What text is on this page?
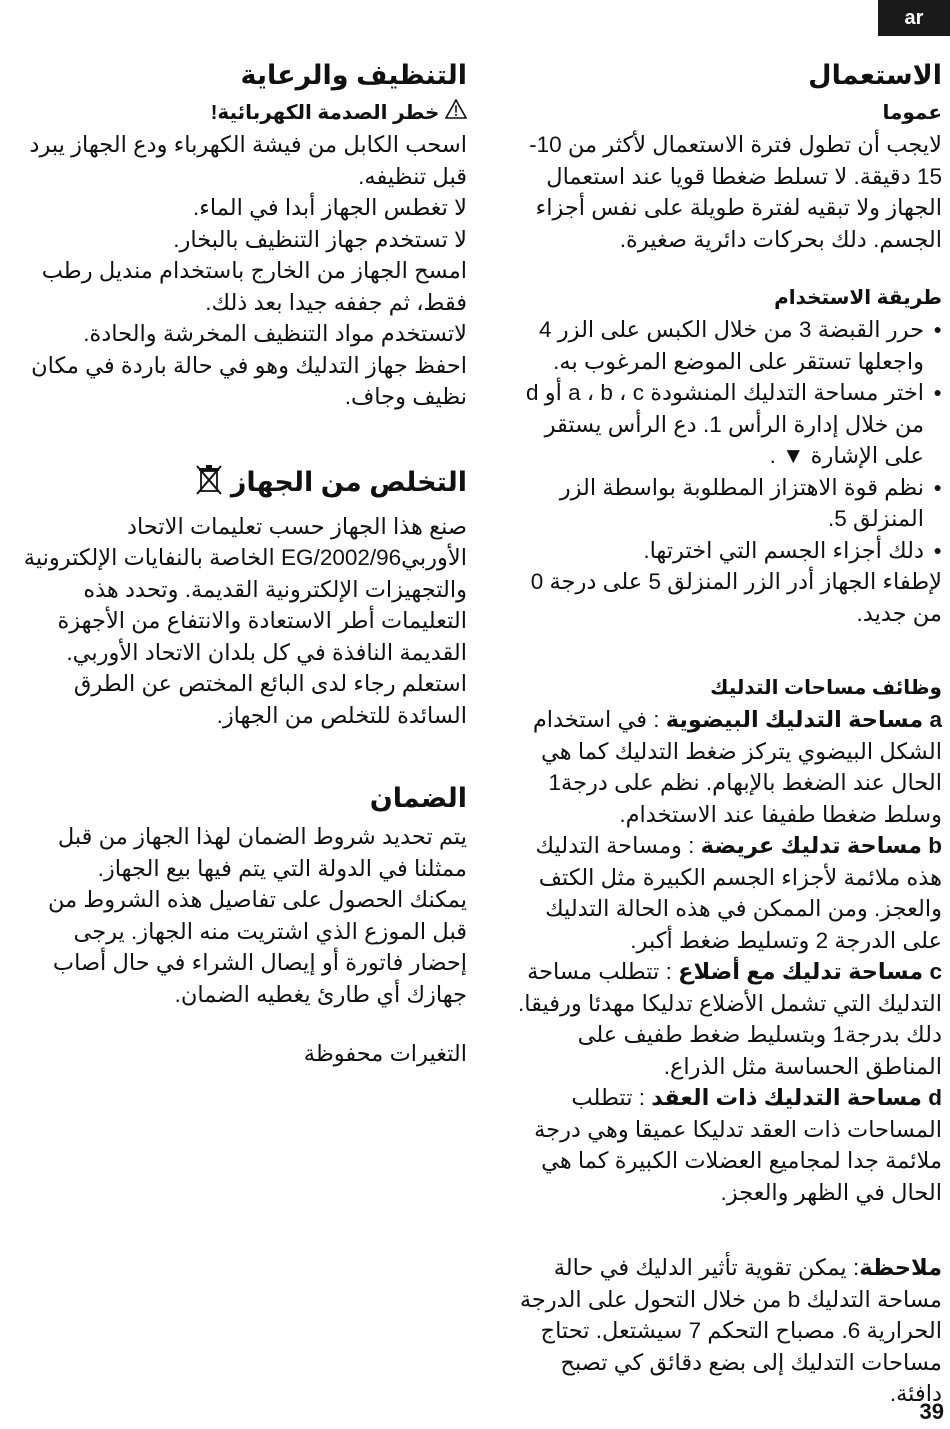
ar
الاستعمال
عموما

لايجب أن تطول فترة الاستعمال لأكثر من 10-15 دقيقة. لا تسلط ضغطا قويا عند استعمال الجهاز ولا تبقيه لفترة طويلة على نفس أجزاء الجسم. دلك بحركات دائرية صغيرة.

طريقة الاستخدام
● حرر القبضة 3 من خلال الكبس على الزر 4 واجعلها تستقر على الموضع المرغوب به.
● اختر مساحة التدليك المنشودة a ، b ، c أو d من خلال إدارة الرأس 1. دع الرأس يستقر على الإشارة ▼ .
● نظم قوة الاهتزاز المطلوبة بواسطة الزر المنزلق 5.
● دلك أجزاء الجسم التي اخترتها.

لإطفاء الجهاز أدر الزر المنزلق 5 على درجة 0 من جديد.

وظائف مساحات التدليك

a مساحة التدليك البيضوية : في استخدام الشكل البيضوي يتركز ضغط التدليك كما هي الحال عند الضغط بالإبهام. نظم على درجة1 وسلط ضغطا طفيفا عند الاستخدام.

b مساحة تدليك عريضة : ومساحة التدليك هذه ملائمة لأجزاء الجسم الكبيرة مثل الكتف والعجز. ومن الممكن في هذه الحالة التدليك على الدرجة 2 وتسليط ضغط أكبر.

c مساحة تدليك مع أضلاع : تتطلب مساحة التدليك التي تشمل الأضلاع تدليكا مهدئا ورفيقا. دلك بدرجة1 وبتسليط ضغط طفيف على المناطق الحساسة مثل الذراع.

d مساحة التدليك ذات العقد : تتطلب المساحات ذات العقد تدليكا عميقا وهي درجة ملائمة جدا لمجاميع العضلات الكبيرة كما هي الحال في الظهر والعجز.

ملاحظة: يمكن تقوية تأثير الدليك في حالة مساحة التدليك b من خلال التحول على الدرجة الحرارية 6. مصباح التحكم 7 سيشتعل. تحتاج مساحات التدليك إلى بضع دقائق كي تصبح دافئة.

التنظيف والرعاية
خطر الصدمة الكهربائية!

اسحب الكابل من فيشة الكهرباء ودع الجهاز يبرد قبل تنظيفه.

لا تغطس الجهاز أبدا في الماء.

لا تستخدم جهاز التنظيف بالبخار.

امسح الجهاز من الخارج باستخدام منديل رطب فقط، ثم جففه جيدا بعد ذلك.

لاتستخدم مواد التنظيف المخرشة والحادة.

احفظ جهاز التدليك وهو في حالة باردة في مكان نظيف وجاف.

التخلص من الجهاز

صنع هذا الجهاز حسب تعليمات الاتحاد الأوربي2002/96/EG الخاصة بالنفايات الإلكترونية والتجهيزات الإلكترونية القديمة. وتحدد هذه التعليمات أطر الاستعادة والانتفاع من الأجهزة القديمة النافذة في كل بلدان الاتحاد الأوربي.

استعلم رجاء لدى البائع المختص عن الطرق السائدة للتخلص من الجهاز.

الضمان

يتم تحديد شروط الضمان لهذا الجهاز من قبل ممثلنا في الدولة التي يتم فيها بيع الجهاز.

يمكنك الحصول على تفاصيل هذه الشروط من قبل الموزع الذي اشتريت منه الجهاز. يرجى إحضار فاتورة أو إيصال الشراء في حال أصاب جهازك أي طارئ يغطيه الضمان.

التغيرات محفوظة

39
